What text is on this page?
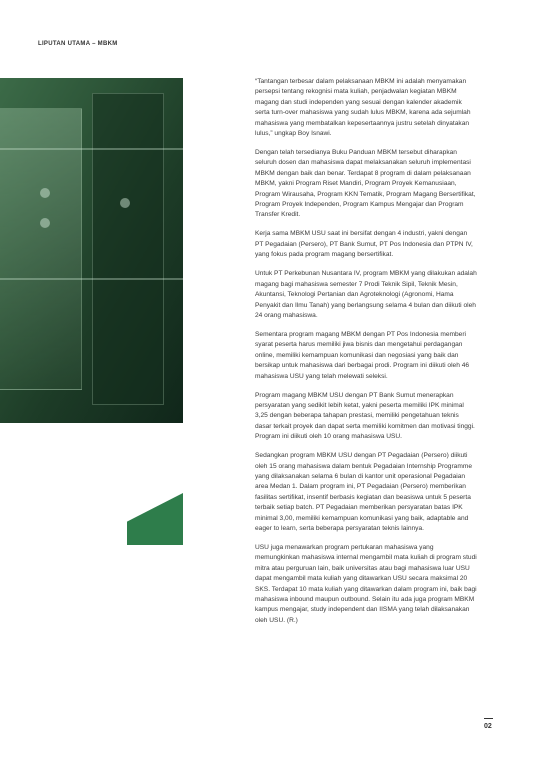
LIPUTAN UTAMA – MBKM

“Tantangan terbesar dalam pelaksanaan MBKM ini adalah menyamakan persepsi tentang rekognisi mata kuliah, penjadwalan kegiatan MBKM magang dan studi independen yang sesuai dengan kalender akademik serta turn-over mahasiswa yang sudah lulus MBKM, karena ada sejumlah mahasiswa yang membatalkan kepesertaannya justru setelah dinyatakan lulus,” ungkap Boy Isnawi.

Dengan telah tersedianya Buku Panduan MBKM tersebut diharapkan seluruh dosen dan mahasiswa dapat melaksanakan seluruh implementasi MBKM dengan baik dan benar. Terdapat 8 program di dalam pelaksanaan MBKM, yakni Program Riset Mandiri, Program Proyek Kemanusiaan, Program Wirausaha, Program KKN Tematik, Program Magang Bersertifikat, Program Proyek Independen, Program Kampus Mengajar dan Program Transfer Kredit.

Kerja sama MBKM USU saat ini bersifat dengan 4 industri, yakni dengan PT Pegadaian (Persero), PT Bank Sumut, PT Pos Indonesia dan PTPN IV, yang fokus pada program magang bersertifikat.

Untuk PT Perkebunan Nusantara IV, program MBKM yang dilakukan adalah magang bagi mahasiswa semester 7 Prodi Teknik Sipil, Teknik Mesin, Akuntansi, Teknologi Pertanian dan Agroteknologi (Agronomi, Hama Penyakit dan Ilmu Tanah) yang berlangsung selama 4 bulan dan diikuti oleh 24 orang mahasiswa.

Sementara program magang MBKM dengan PT Pos Indonesia memberi syarat peserta harus memiliki jiwa bisnis dan mengetahui perdagangan online, memiliki kemampuan komunikasi dan negosiasi yang baik dan bersikap untuk mahasiswa dari berbagai prodi. Program ini diikuti oleh 46 mahasiswa USU yang telah melewati seleksi.

Program magang MBKM USU dengan PT Bank Sumut menerapkan persyaratan yang sedikit lebih ketat, yakni peserta memiliki IPK minimal 3,25 dengan beberapa tahapan prestasi, memiliki pengetahuan teknis dasar terkait proyek dan dapat serta memiliki komitmen dan motivasi tinggi. Program ini diikuti oleh 10 orang mahasiswa USU.

Sedangkan program MBKM USU dengan PT Pegadaian (Persero) diikuti oleh 15 orang mahasiswa dalam bentuk Pegadaian Internship Programme yang dilaksanakan selama 6 bulan di kantor unit operasional Pegadaian area Medan 1. Dalam program ini, PT Pegadaian (Persero) memberikan fasilitas sertifikat, insentif berbasis kegiatan dan beasiswa untuk 5 peserta terbaik setiap batch. PT Pegadaian memberikan persyaratan batas IPK minimal 3,00, memiliki kemampuan komunikasi yang baik, adaptable and eager to learn, serta beberapa persyaratan teknis lainnya.

USU juga menawarkan program pertukaran mahasiswa yang memungkinkan mahasiswa internal mengambil mata kuliah di program studi mitra atau perguruan lain, baik universitas atau bagi mahasiswa luar USU dapat mengambil mata kuliah yang ditawarkan USU secara maksimal 20 SKS. Terdapat 10 mata kuliah yang ditawarkan dalam program ini, baik bagi mahasiswa inbound maupun outbound. Selain itu ada juga program MBKM kampus mengajar, study independent dan IISMA yang telah dilaksanakan oleh USU. (R.)

02
